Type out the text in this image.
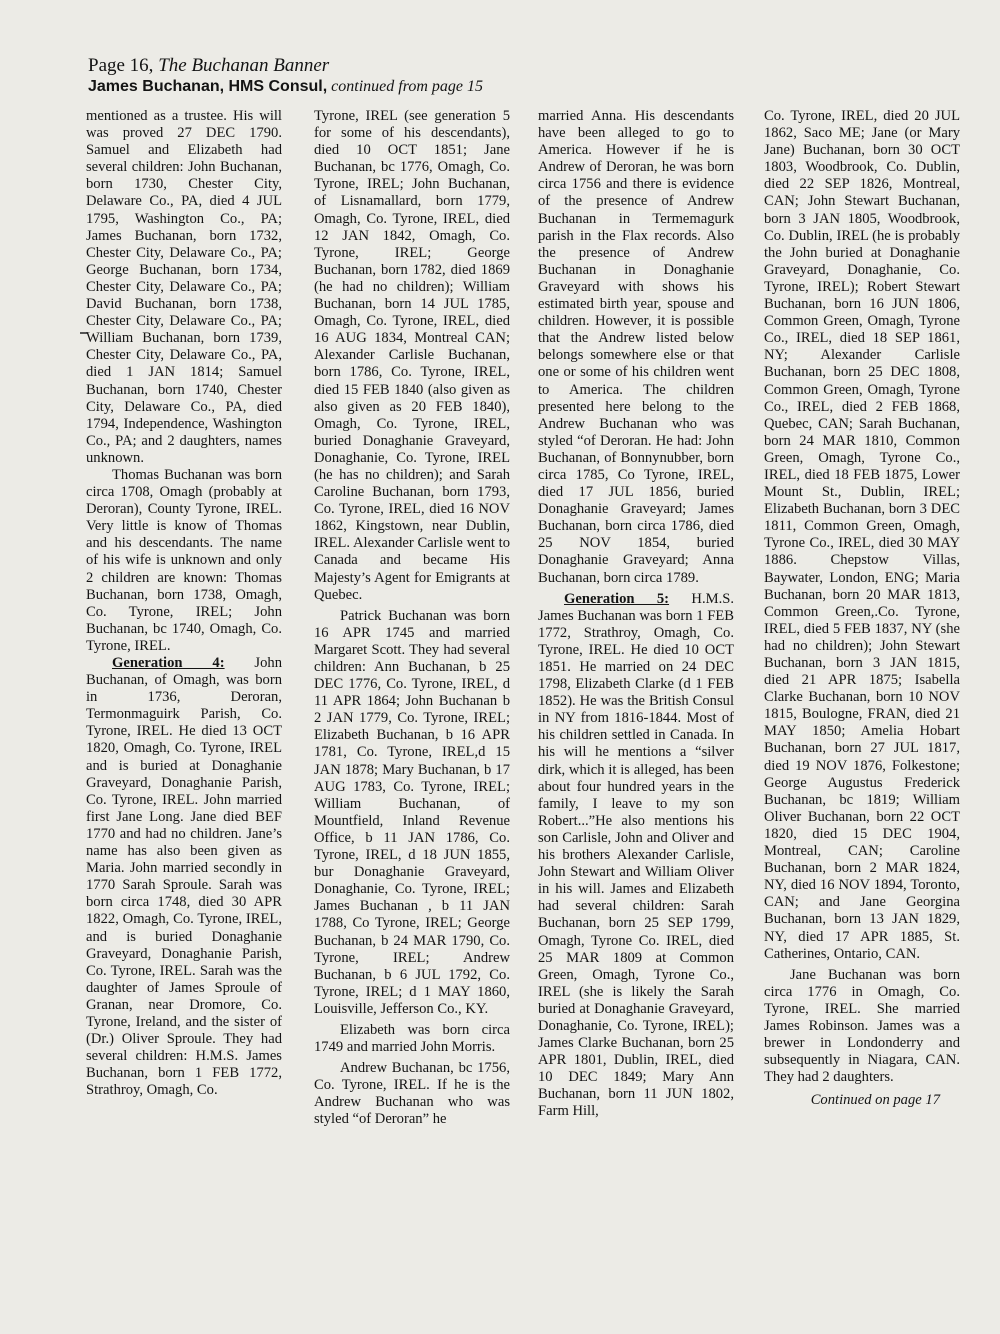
Page 16, The Buchanan Banner
James Buchanan, HMS Consul, continued from page 15

mentioned as a trustee. His will was proved 27 DEC 1790. Samuel and Elizabeth had several children: John Buchanan, born 1730, Chester City, Delaware Co., PA, died 4 JUL 1795, Washington Co., PA; James Buchanan, born 1732, Chester City, Delaware Co., PA; George Buchanan, born 1734, Chester City, Delaware Co., PA; David Buchanan, born 1738, Chester City, Delaware Co., PA; William Buchanan, born 1739, Chester City, Delaware Co., PA, died 1 JAN 1814; Samuel Buchanan, born 1740, Chester City, Delaware Co., PA, died 1794, Independence, Washington Co., PA; and 2 daughters, names unknown.

Thomas Buchanan was born circa 1708, Omagh (probably at Deroran), County Tyrone, IREL. Very little is know of Thomas and his descendants. The name of his wife is unknown and only 2 children are known: Thomas Buchanan, born 1738, Omagh, Co. Tyrone, IREL; John Buchanan, bc 1740, Omagh, Co. Tyrone, IREL.

Generation 4: John Buchanan, of Omagh, was born in 1736, Deroran, Termonmaguirk Parish, Co. Tyrone, IREL. He died 13 OCT 1820, Omagh, Co. Tyrone, IREL and is buried at Donaghanie Graveyard, Donaghanie Parish, Co. Tyrone, IREL. John married first Jane Long. Jane died BEF 1770 and had no children. Jane’s name has also been given as Maria. John married secondly in 1770 Sarah Sproule. Sarah was born circa 1748, died 30 APR 1822, Omagh, Co. Tyrone, IREL, and is buried Donaghanie Graveyard, Donaghanie Parish, Co. Tyrone, IREL. Sarah was the daughter of James Sproule of Granan, near Dromore, Co. Tyrone, Ireland, and the sister of (Dr.) Oliver Sproule. They had several children: H.M.S. James Buchanan, born 1 FEB 1772, Strathroy, Omagh, Co.

Tyrone, IREL (see generation 5 for some of his descendants), died 10 OCT 1851; Jane Buchanan, bc 1776, Omagh, Co. Tyrone, IREL; John Buchanan, of Lisnamallard, born 1779, Omagh, Co. Tyrone, IREL, died 12 JAN 1842, Omagh, Co. Tyrone, IREL; George Buchanan, born 1782, died 1869 (he had no children); William Buchanan, born 14 JUL 1785, Omagh, Co. Tyrone, IREL, died 16 AUG 1834, Montreal CAN; Alexander Carlisle Buchanan, born 1786, Co. Tyrone, IREL, died 15 FEB 1840 (also given as also given as 20 FEB 1840), Omagh, Co. Tyrone, IREL, buried Donaghanie Graveyard, Donaghanie, Co. Tyrone, IREL (he has no children); and Sarah Caroline Buchanan, born 1793, Co. Tyrone, IREL, died 16 NOV 1862, Kingstown, near Dublin, IREL. Alexander Carlisle went to Canada and became His Majesty’s Agent for Emigrants at Quebec.

Patrick Buchanan was born 16 APR 1745 and married Margaret Scott. They had several children: Ann Buchanan, b 25 DEC 1776, Co. Tyrone, IREL, d 11 APR 1864; John Buchanan b 2 JAN 1779, Co. Tyrone, IREL; Elizabeth Buchanan, b 16 APR 1781, Co. Tyrone, IREL,d 15 JAN 1878; Mary Buchanan, b 17 AUG 1783, Co. Tyrone, IREL; William Buchanan, of Mountfield, Inland Revenue Office, b 11 JAN 1786, Co. Tyrone, IREL, d 18 JUN 1855, bur Donaghanie Graveyard, Donaghanie, Co. Tyrone, IREL; James Buchanan , b 11 JAN 1788, Co Tyrone, IREL; George Buchanan, b 24 MAR 1790, Co. Tyrone, IREL; Andrew Buchanan, b 6 JUL 1792, Co. Tyrone, IREL; d 1 MAY 1860, Louisville, Jefferson Co., KY.

Elizabeth was born circa 1749 and married John Morris.

Andrew Buchanan, bc 1756, Co. Tyrone, IREL. If he is the Andrew Buchanan who was styled “of Deroran” he

married Anna. His descendants have been alleged to go to America. However if he is Andrew of Deroran, he was born circa 1756 and there is evidence of the presence of Andrew Buchanan in Termemagurk parish in the Flax records. Also the presence of Andrew Buchanan in Donaghanie Graveyard with shows his estimated birth year, spouse and children. However, it is possible that the Andrew listed below belongs somewhere else or that one or some of his children went to America. The children presented here belong to the Andrew Buchanan who was styled “of Deroran. He had: John Buchanan, of Bonnynubber, born circa 1785, Co Tyrone, IREL, died 17 JUL 1856, buried Donaghanie Graveyard; James Buchanan, born circa 1786, died 25 NOV 1854, buried Donaghanie Graveyard; Anna Buchanan, born circa 1789.

Generation 5: H.M.S. James Buchanan was born 1 FEB 1772, Strathroy, Omagh, Co. Tyrone, IREL. He died 10 OCT 1851. He married on 24 DEC 1798, Elizabeth Clarke (d 1 FEB 1852). He was the British Consul in NY from 1816-1844. Most of his children settled in Canada. In his will he mentions a “silver dirk, which it is alleged, has been about four hundred years in the family, I leave to my son Robert...”He also mentions his son Carlisle, John and Oliver and his brothers Alexander Carlisle, John Stewart and William Oliver in his will. James and Elizabeth had several children: Sarah Buchanan, born 25 SEP 1799, Omagh, Tyrone Co. IREL, died 25 MAR 1809 at Common Green, Omagh, Tyrone Co., IREL (she is likely the Sarah buried at Donaghanie Graveyard, Donaghanie, Co. Tyrone, IREL); James Clarke Buchanan, born 25 APR 1801, Dublin, IREL, died 10 DEC 1849; Mary Ann Buchanan, born 11 JUN 1802, Farm Hill,

Co. Tyrone, IREL, died 20 JUL 1862, Saco ME; Jane (or Mary Jane) Buchanan, born 30 OCT 1803, Woodbrook, Co. Dublin, died 22 SEP 1826, Montreal, CAN; John Stewart Buchanan, born 3 JAN 1805, Woodbrook, Co. Dublin, IREL (he is probably the John buried at Donaghanie Graveyard, Donaghanie, Co. Tyrone, IREL); Robert Stewart Buchanan, born 16 JUN 1806, Common Green, Omagh, Tyrone Co., IREL, died 18 SEP 1861, NY; Alexander Carlisle Buchanan, born 25 DEC 1808, Common Green, Omagh, Tyrone Co., IREL, died 2 FEB 1868, Quebec, CAN; Sarah Buchanan, born 24 MAR 1810, Common Green, Omagh, Tyrone Co., IREL, died 18 FEB 1875, Lower Mount St., Dublin, IREL; Elizabeth Buchanan, born 3 DEC 1811, Common Green, Omagh, Tyrone Co., IREL, died 30 MAY 1886. Chepstow Villas, Baywater, London, ENG; Maria Buchanan, born 20 MAR 1813, Common Green,.Co. Tyrone, IREL, died 5 FEB 1837, NY (she had no children); John Stewart Buchanan, born 3 JAN 1815, died 21 APR 1875; Isabella Clarke Buchanan, born 10 NOV 1815, Boulogne, FRAN, died 21 MAY 1850; Amelia Hobart Buchanan, born 27 JUL 1817, died 19 NOV 1876, Folkestone; George Augustus Frederick Buchanan, bc 1819; William Oliver Buchanan, born 22 OCT 1820, died 15 DEC 1904, Montreal, CAN; Caroline Buchanan, born 2 MAR 1824, NY, died 16 NOV 1894, Toronto, CAN; and Jane Georgina Buchanan, born 13 JAN 1829, NY, died 17 APR 1885, St. Catherines, Ontario, CAN.

Jane Buchanan was born circa 1776 in Omagh, Co. Tyrone, IREL. She married James Robinson. James was a brewer in Londonderry and subsequently in Niagara, CAN. They had 2 daughters.

Continued on page 17
